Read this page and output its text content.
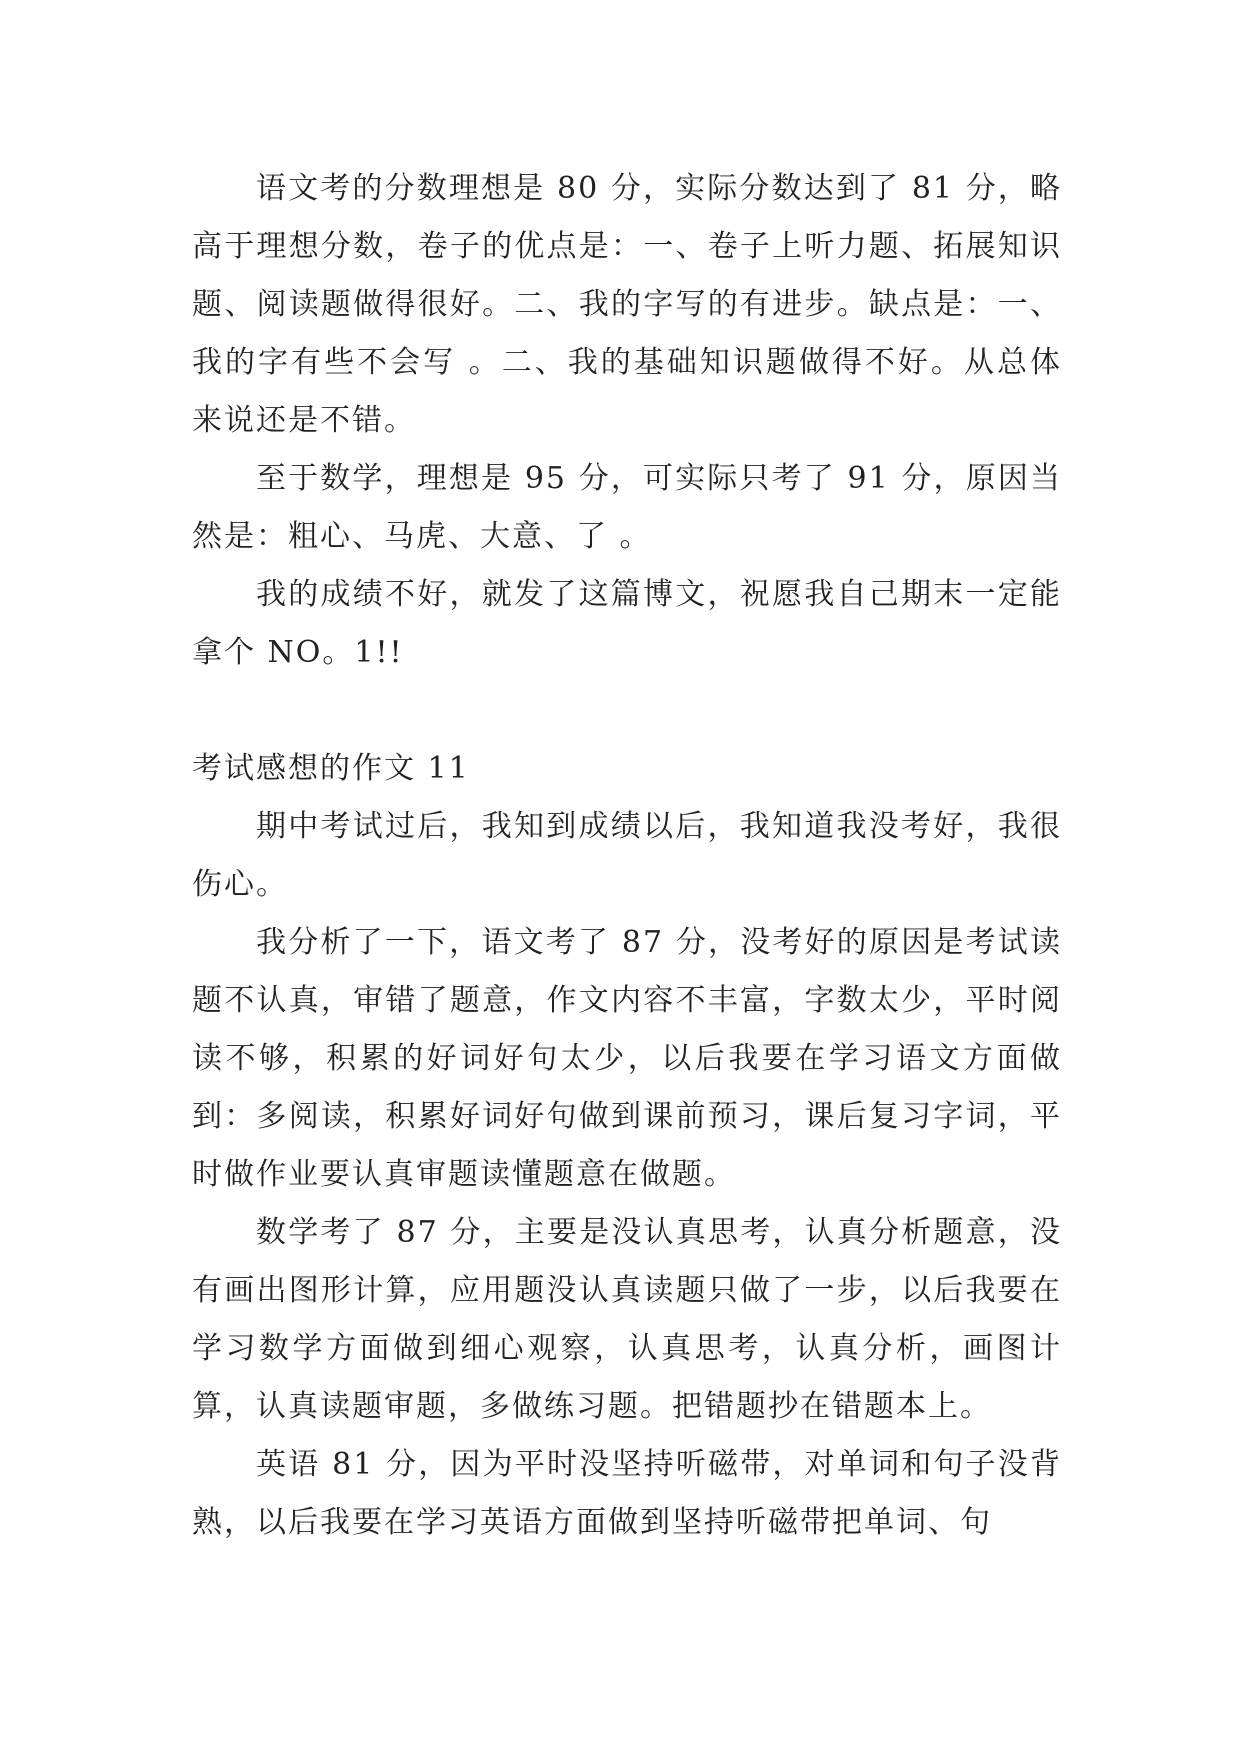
语文考的分数理想是 80 分，实际分数达到了 81 分，略高于理想分数，卷子的优点是：一、卷子上听力题、拓展知识题、阅读题做得很好。二、我的字写的有进步。缺点是：一、我的字有些不会写 。二、我的基础知识题做得不好。从总体来说还是不错。

至于数学，理想是 95 分，可实际只考了 91 分，原因当然是：粗心、马虎、大意、了 。

我的成绩不好，就发了这篇博文，祝愿我自己期末一定能拿个 NO。1!!

考试感想的作文 11

期中考试过后，我知到成绩以后，我知道我没考好，我很伤心。

我分析了一下，语文考了 87 分，没考好的原因是考试读题不认真，审错了题意，作文内容不丰富，字数太少，平时阅读不够，积累的好词好句太少，以后我要在学习语文方面做到：多阅读，积累好词好句做到课前预习，课后复习字词，平时做作业要认真审题读懂题意在做题。

数学考了 87 分，主要是没认真思考，认真分析题意，没有画出图形计算，应用题没认真读题只做了一步，以后我要在学习数学方面做到细心观察，认真思考，认真分析，画图计算，认真读题审题，多做练习题。把错题抄在错题本上。

英语 81 分，因为平时没坚持听磁带，对单词和句子没背熟，以后我要在学习英语方面做到坚持听磁带把单词、句
